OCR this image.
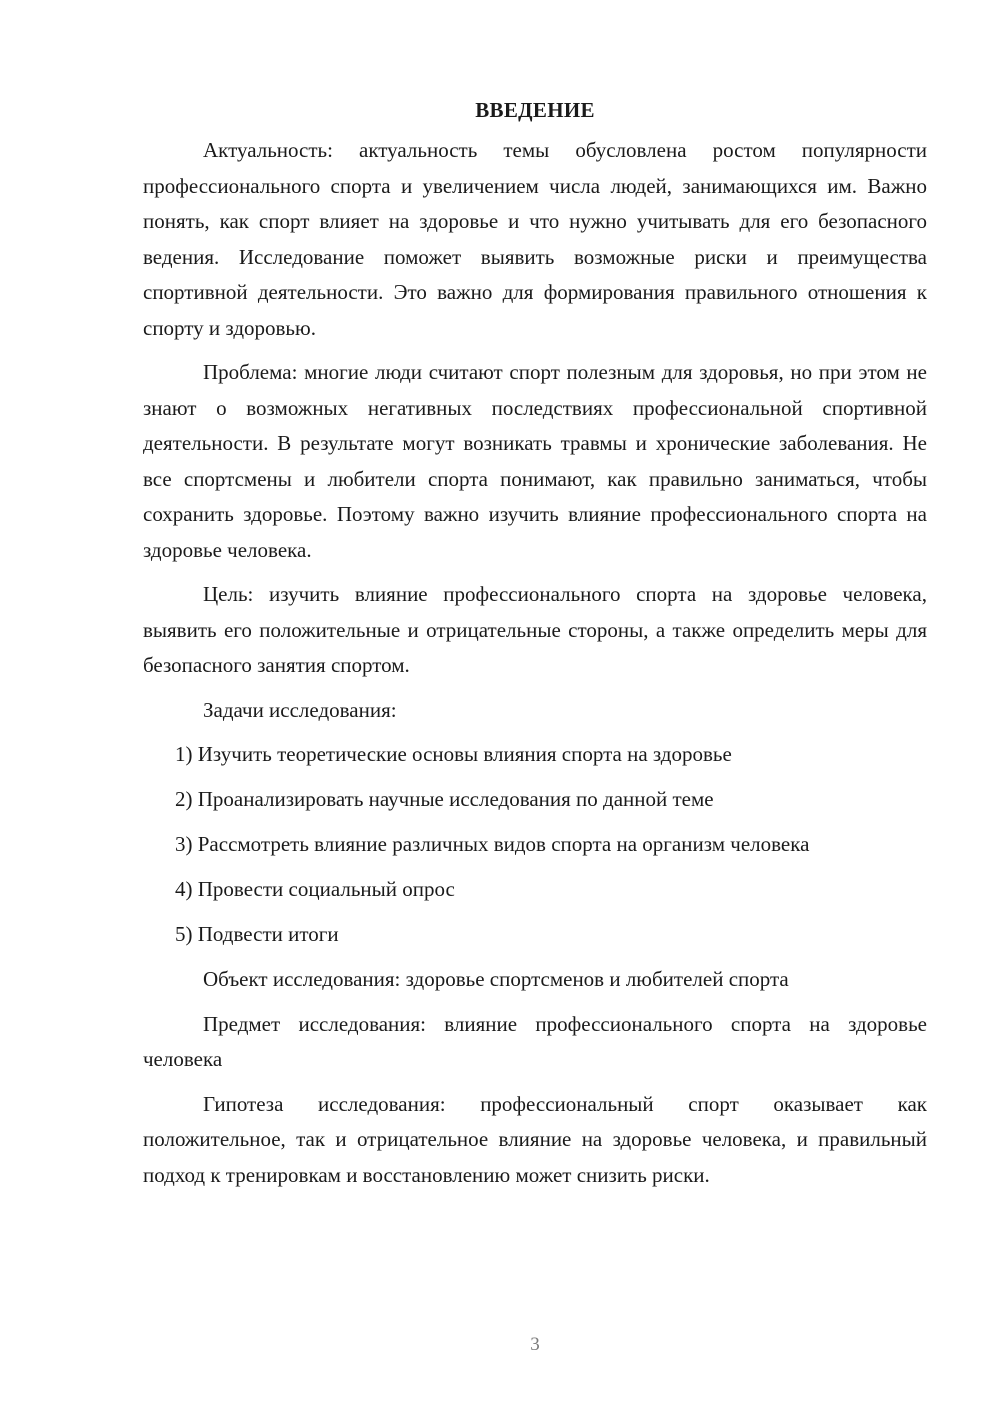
ВВЕДЕНИЕ

Актуальность: актуальность темы обусловлена ростом популярности профессионального спорта и увеличением числа людей, занимающихся им. Важно понять, как спорт влияет на здоровье и что нужно учитывать для его безопасного ведения. Исследование поможет выявить возможные риски и преимущества спортивной деятельности. Это важно для формирования правильного отношения к спорту и здоровью.

Проблема: многие люди считают спорт полезным для здоровья, но при этом не знают о возможных негативных последствиях профессиональной спортивной деятельности. В результате могут возникать травмы и хронические заболевания. Не все спортсмены и любители спорта понимают, как правильно заниматься, чтобы сохранить здоровье. Поэтому важно изучить влияние профессионального спорта на здоровье человека.

Цель: изучить влияние профессионального спорта на здоровье человека, выявить его положительные и отрицательные стороны, а также определить меры для безопасного занятия спортом.

Задачи исследования:

1) Изучить теоретические основы влияния спорта на здоровье
2) Проанализировать научные исследования по данной теме
3) Рассмотреть влияние различных видов спорта на организм человека
4) Провести социальный опрос
5) Подвести итоги

Объект исследования: здоровье спортсменов и любителей спорта

Предмет исследования: влияние профессионального спорта на здоровье человека

Гипотеза исследования: профессиональный спорт оказывает как положительное, так и отрицательное влияние на здоровье человека, и правильный подход к тренировкам и восстановлению может снизить риски.

3
